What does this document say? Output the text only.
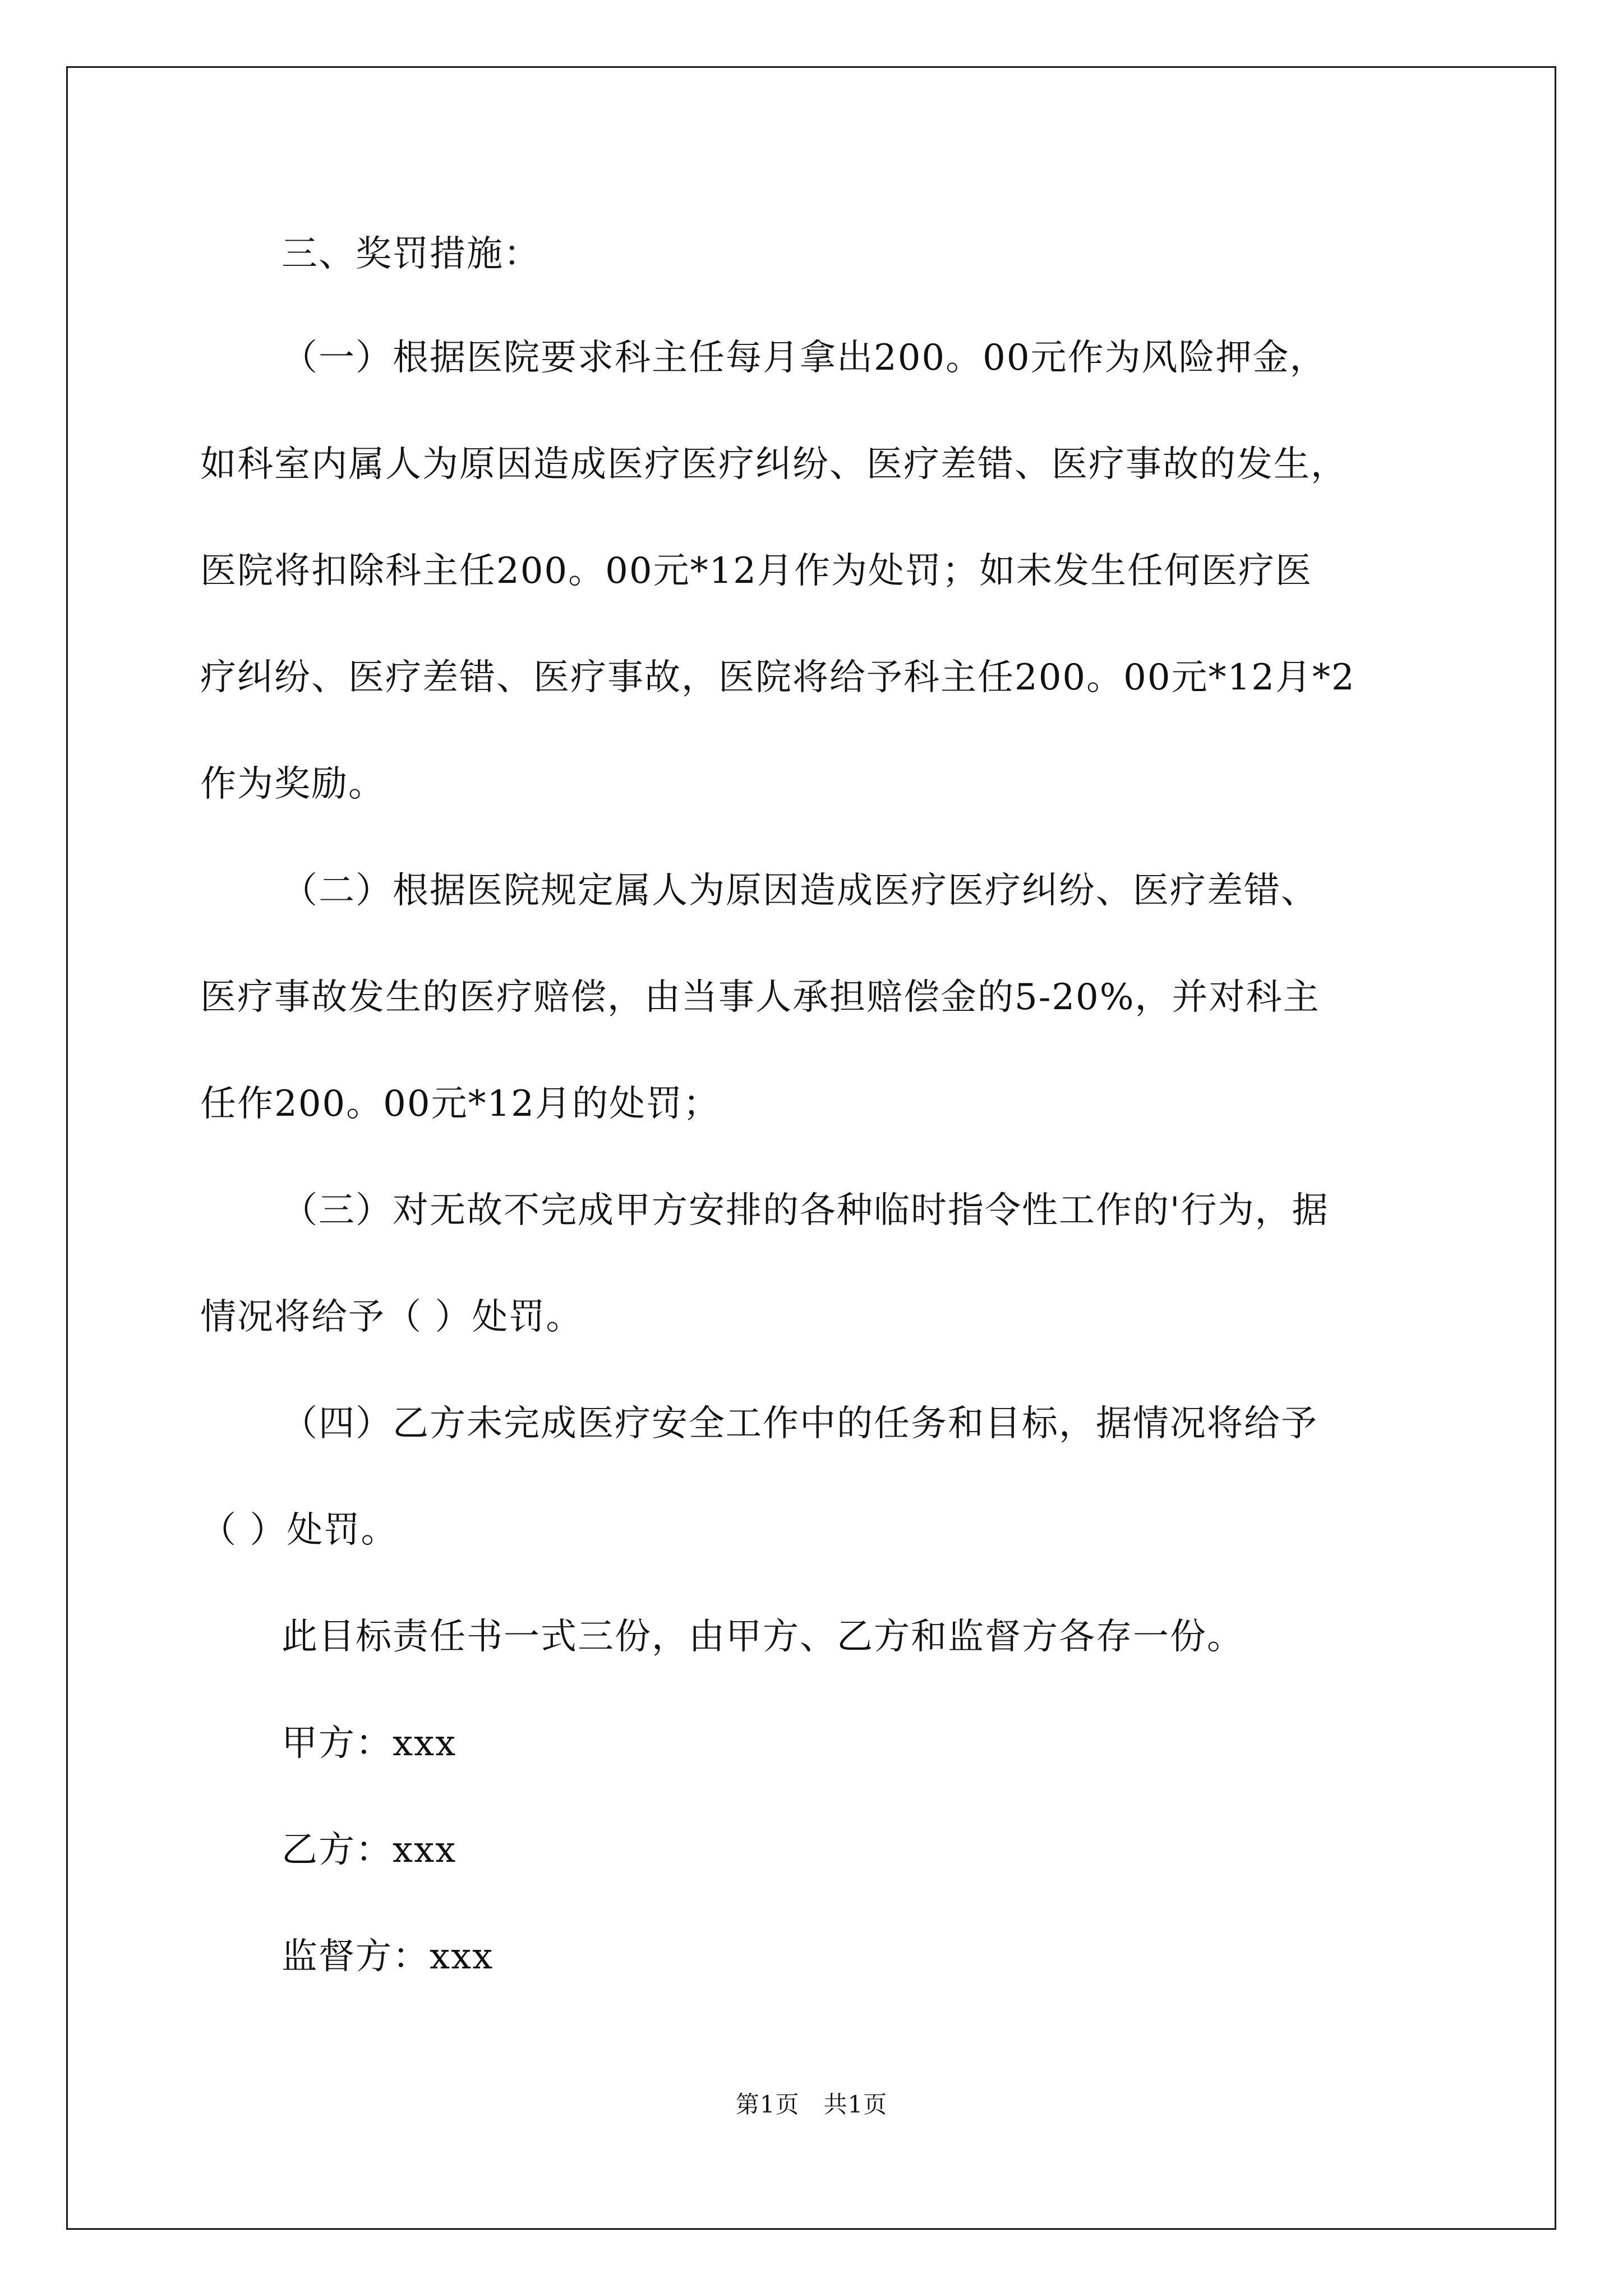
三、奖罚措施：
（一）根据医院要求科主任每月拿出200。00元作为风险押金，
如科室内属人为原因造成医疗医疗纠纷、医疗差错、医疗事故的发生，
医院将扣除科主任200。00元*12月作为处罚；如未发生任何医疗医
疗纠纷、医疗差错、医疗事故，医院将给予科主任200。00元*12月*2
作为奖励。
（二）根据医院规定属人为原因造成医疗医疗纠纷、医疗差错、
医疗事故发生的医疗赔偿，由当事人承担赔偿金的5-20%，并对科主
任作200。00元*12月的处罚；
（三）对无故不完成甲方安排的各种临时指令性工作的'行为，据
情况将给予（ ）处罚。
（四）乙方未完成医疗安全工作中的任务和目标，据情况将给予
（ ）处罚。
此目标责任书一式三份，由甲方、乙方和监督方各存一份。
甲方：xxx
乙方：xxx
监督方：xxx
第1页　共1页
